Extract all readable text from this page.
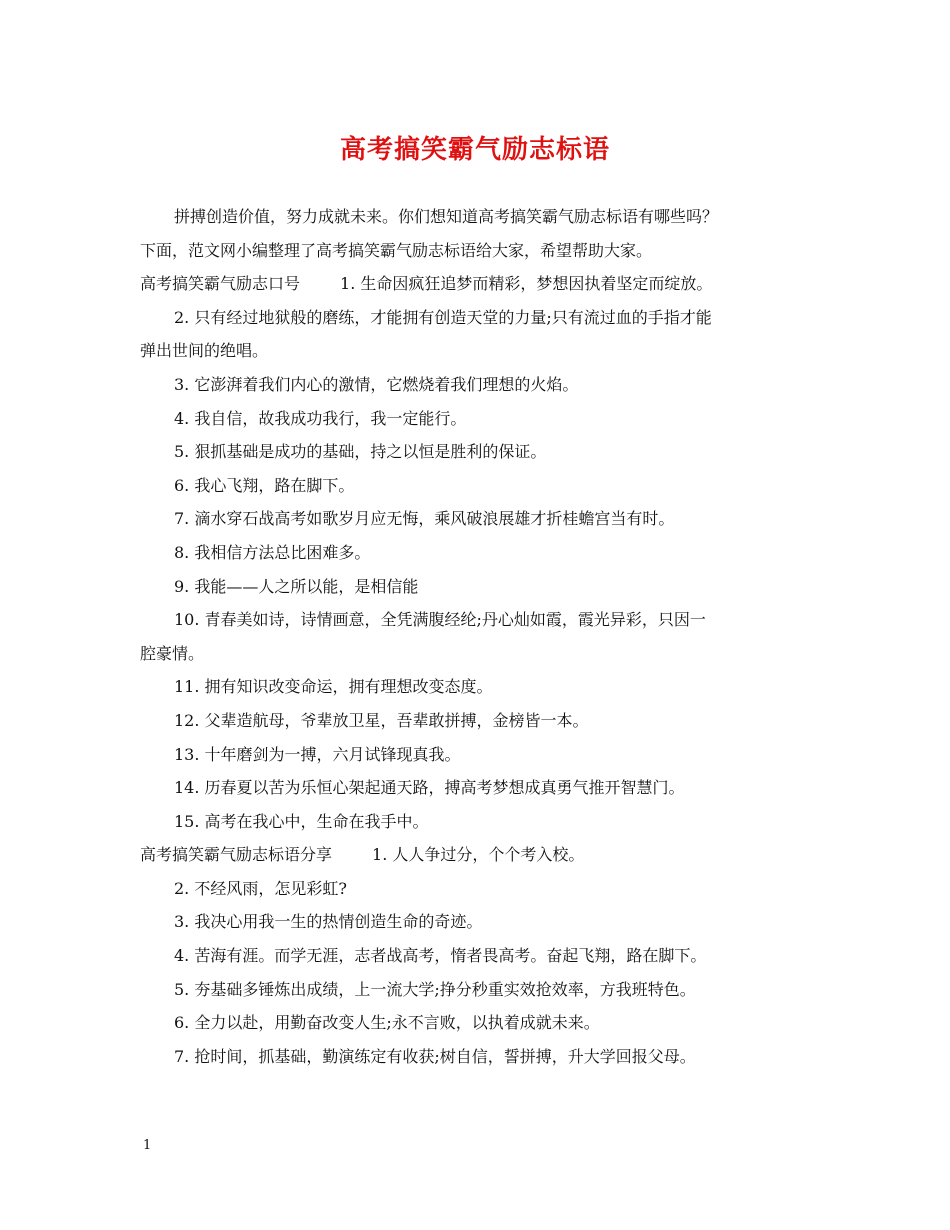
高考搞笑霸气励志标语
拼搏创造价值，努力成就未来。你们想知道高考搞笑霸气励志标语有哪些吗？
下面，范文网小编整理了高考搞笑霸气励志标语给大家，希望帮助大家。
高考搞笑霸气励志口号	1. 生命因疯狂追梦而精彩，梦想因执着坚定而绽放。
2. 只有经过地狱般的磨练，才能拥有创造天堂的力量;只有流过血的手指才能
弹出世间的绝唱。
3. 它澎湃着我们内心的激情，它燃烧着我们理想的火焰。
4. 我自信，故我成功我行，我一定能行。
5. 狠抓基础是成功的基础，持之以恒是胜利的保证。
6. 我心飞翔，路在脚下。
7. 滴水穿石战高考如歌岁月应无悔，乘风破浪展雄才折桂蟾宫当有时。
8. 我相信方法总比困难多。
9. 我能——人之所以能，是相信能
10. 青春美如诗，诗情画意，全凭满腹经纶;丹心灿如霞，霞光异彩，只因一
腔豪情。
11. 拥有知识改变命运，拥有理想改变态度。
12. 父辈造航母，爷辈放卫星，吾辈敢拼搏，金榜皆一本。
13. 十年磨剑为一搏，六月试锋现真我。
14. 历春夏以苦为乐恒心架起通天路，搏高考梦想成真勇气推开智慧门。
15. 高考在我心中，生命在我手中。
高考搞笑霸气励志标语分享	1. 人人争过分，个个考入校。
2. 不经风雨，怎见彩虹?
3. 我决心用我一生的热情创造生命的奇迹。
4. 苦海有涯。而学无涯，志者战高考，惰者畏高考。奋起飞翔，路在脚下。
5. 夯基础多锤炼出成绩，上一流大学;挣分秒重实效抢效率，方我班特色。
6. 全力以赴，用勤奋改变人生;永不言败，以执着成就未来。
7. 抢时间，抓基础，勤演练定有收获;树自信，誓拼搏，升大学回报父母。
1
